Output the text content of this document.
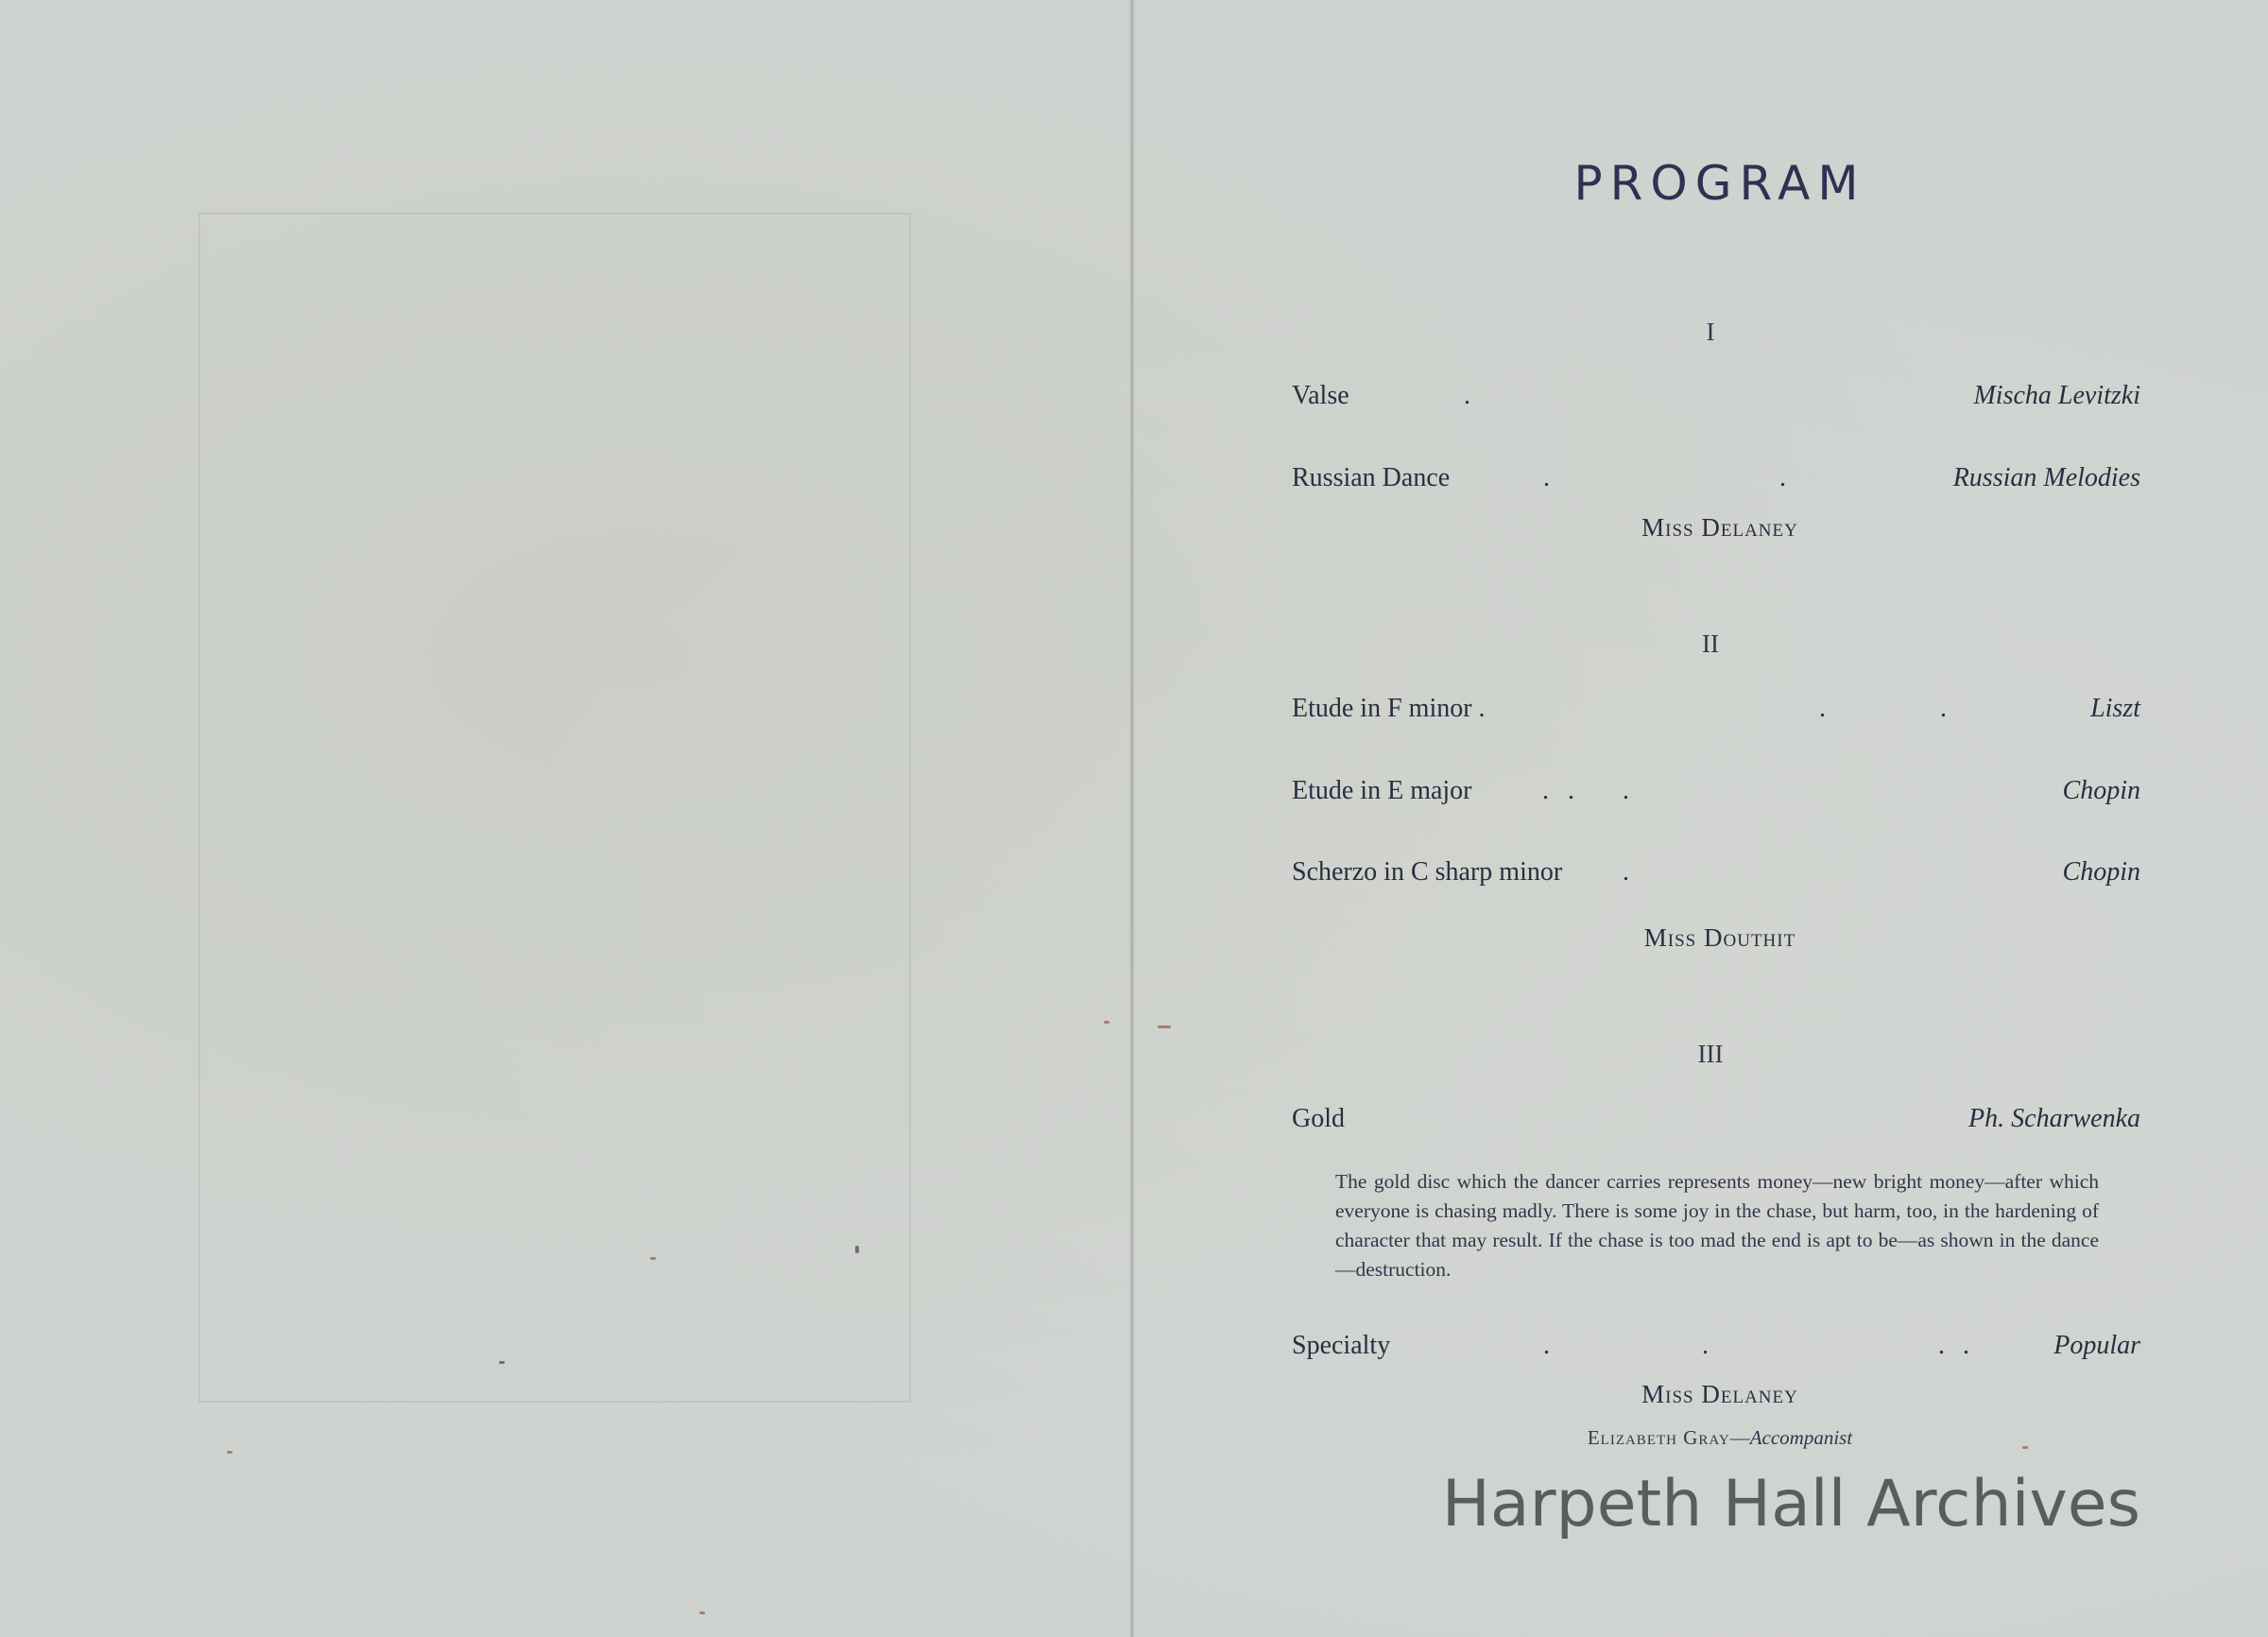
PROGRAM
I
Valse	.	Mischa Levitzki
Russian Dance	.	.	Russian Melodies
Miss Delaney
II
Etude in F minor .	.	.	Liszt
Etude in E major	. . .	Chopin
Scherzo in C sharp minor .	Chopin
Miss Douthit
III
Gold	Ph. Scharwenka
The gold disc which the dancer carries represents money—new bright money—after which everyone is chasing madly. There is some joy in the chase, but harm, too, in the hardening of character that may result. If the chase is too mad the end is apt to be—as shown in the dance—destruction.
Specialty	.	.	. .	Popular
Miss Delaney
Elizabeth Gray—Accompanist
Harpeth Hall Archives
